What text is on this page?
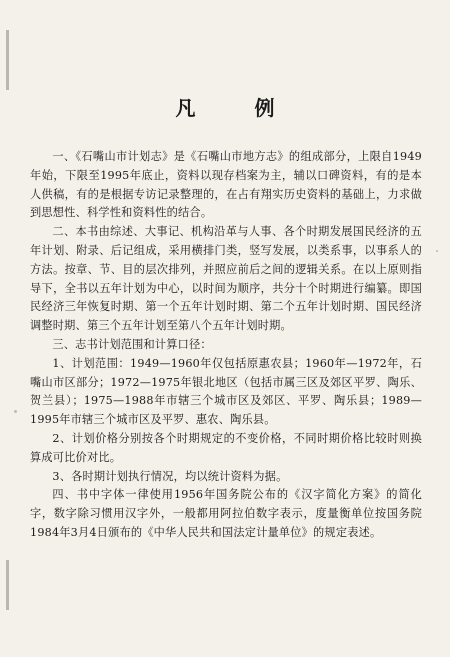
凡 例

一、《石嘴山市计划志》是《石嘴山市地方志》的组成部分，上限自1949年始，下限至1995年底止，资料以现存档案为主，辅以口碑资料，有的是本人供稿，有的是根据专访记录整理的，在占有翔实历史资料的基础上，力求做到思想性、科学性和资料性的结合。

二、本书由综述、大事记、机构沿革与人事、各个时期发展国民经济的五年计划、附录、后记组成，采用横排门类，竖写发展，以类系事，以事系人的方法。按章、节、目的层次排列，并照应前后之间的逻辑关系。在以上原则指导下，全书以五年计划为中心，以时间为顺序，共分十个时期进行编纂。即国民经济三年恢复时期、第一个五年计划时期、第二个五年计划时期、国民经济调整时期、第三个五年计划至第八个五年计划时期。

三、志书计划范围和计算口径：

1、计划范围：1949—1960年仅包括原惠农县；1960年—1972年，石嘴山市区部分；1972—1975年银北地区（包括市属三区及郊区平罗、陶乐、贺兰县）；1975—1988年市辖三个城市区及郊区、平罗、陶乐县；1989—1995年市辖三个城市区及平罗、惠农、陶乐县。

2、计划价格分别按各个时期规定的不变价格，不同时期价格比较时则换算成可比价对比。

3、各时期计划执行情况，均以统计资料为据。

四、书中字体一律使用1956年国务院公布的《汉字简化方案》的简化字，数字除习惯用汉字外，一般都用阿拉伯数字表示，度量衡单位按国务院1984年3月4日颁布的《中华人民共和国法定计量单位》的规定表述。
